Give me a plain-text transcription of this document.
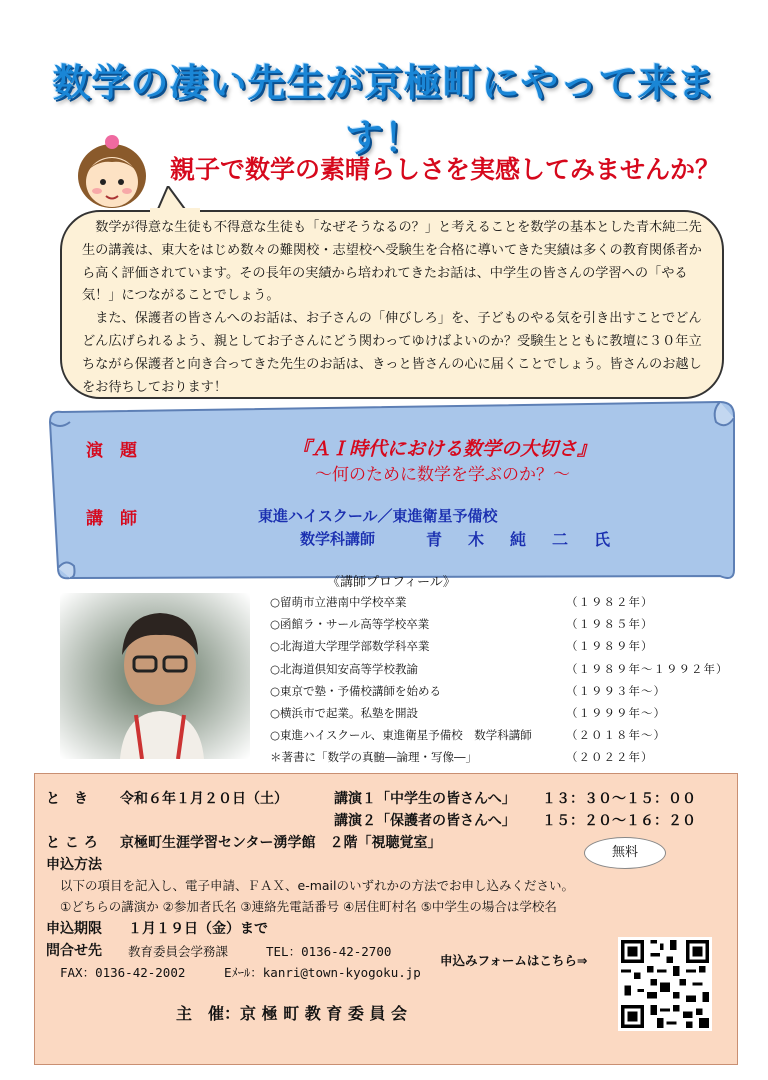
数学の凄い先生が京極町にやって来ます！
親子で数学の素晴らしさを実感してみませんか？

数学が得意な生徒も不得意な生徒も「なぜそうなるの？」と考えることを数学の基本とした青木純二先生の講義は、東大をはじめ数々の難関校・志望校へ受験生を合格に導いてきた実績は多くの教育関係者から高く評価されています。その長年の実績から培われてきたお話は、中学生の皆さんの学習への「やる気！」につながることでしょう。

また、保護者の皆さんへのお話は、お子さんの「伸びしろ」を、子どものやる気を引き出すことでどんどん広げられるよう、親としてお子さんにどう関わってゆけばよいのか？受験生とともに教壇に３０年立ちながら保護者と向き合ってきた先生のお話は、きっと皆さんの心に届くことでしょう。皆さんのお越しをお待ちしております！

演　題	『ＡＩ時代における数学の大切さ』
～何のために数学を学ぶのか？～
講　師	東進ハイスクール／東進衛星予備校
数学科講師	青木純二氏
《講師プロフィール》
○留萌市立港南中学校卒業	（１９８２年）
○函館ラ・サール高等学校卒業	（１９８５年）
○北海道大学理学部数学科卒業	（１９８９年）
○北海道倶知安高等学校教諭	（１９８９年～１９９２年）
○東京で塾・予備校講師を始める	（１９９３年～）
○横浜市で起業。私塾を開設	（１９９９年～）
○東進ハイスクール、東進衛星予備校　数学科講師	（２０１８年～）
＊著書に「数学の真髄―論理・写像―」	（２０２２年）
と　き 令和６年１月２０日（土）	講演１「中学生の皆さんへ」 １３：３０～１５：００
講演２「保護者の皆さんへ」 １５：２０～１６：２０
と こ ろ 京極町生涯学習センター湧学館　２階「視聴覚室」
無料
申込方法
以下の項目を記入し、電子申請、ＦＡＸ、e-mailのいずれかの方法でお申し込みください。
①どちらの講演か ②参加者氏名 ③連絡先電話番号 ④居住町村名 ⑤中学生の場合は学校名
申込期限 １月１９日（金）まで
問合せ先 教育委員会学務課	TEL：0136-42-2700
FAX：0136-42-2002	Eﾒｰﾙ：kanri@town-kyogoku.jp
申込みフォームはこちら⇒
主　催：京 極 町 教 育 委 員 会
